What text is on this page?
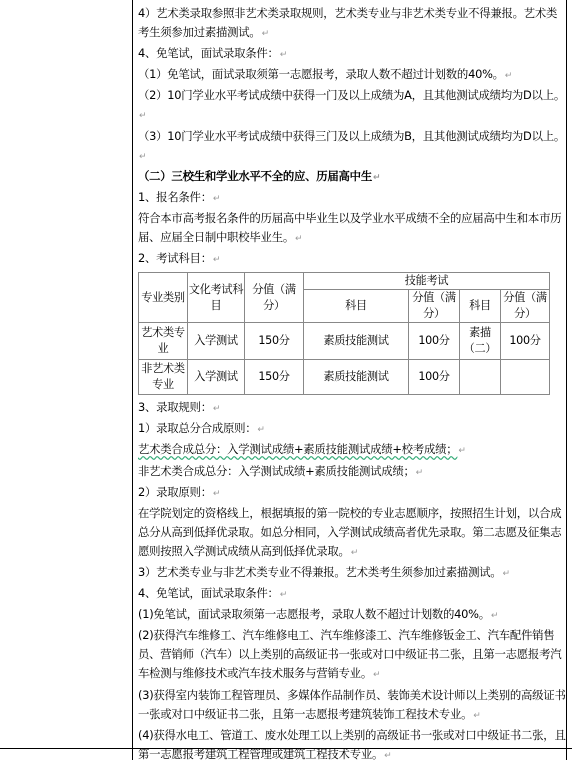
4）艺术类录取参照非艺术类录取规则，艺术类专业与非艺术类专业不得兼报。艺术类考生须参加过素描测试。↵

4、免笔试，面试录取条件：↵

（1）免笔试，面试录取须第一志愿报考，录取人数不超过计划数的40%。↵

（2）10门学业水平考试成绩中获得一门及以上成绩为A，且其他测试成绩均为D以上。↵

（3）10门学业水平考试成绩中获得三门及以上成绩为B，且其他测试成绩均为D以上。↵

（二）三校生和学业水平不全的应、历届高中生↵

1、报名条件：↵

符合本市高考报名条件的历届高中毕业生以及学业水平成绩不全的应届高中生和本市历届、应届全日制中职校毕业生。↵

2、考试科目：↵

专业类别	文化考试科目	分值（满分）	技能考试			
			科目	分值（满分）	科目	分值（满分）
艺术类专业	入学测试	150分	素质技能测试	100分	素描（二）	100分
非艺术类专业	入学测试	150分	素质技能测试	100分		

3、录取规则：↵

1）录取总分合成原则：↵

艺术类合成总分：入学测试成绩+素质技能测试成绩+校考成绩；↵

非艺术类合成总分：入学测试成绩+素质技能测试成绩；↵

2）录取原则：↵

在学院划定的资格线上，根据填报的第一院校的专业志愿顺序，按照招生计划，以合成总分从高到低择优录取。如总分相同，入学测试成绩高者优先录取。第二志愿及征集志愿则按照入学测试成绩从高到低择优录取。↵

3）艺术类专业与非艺术类专业不得兼报。艺术类考生须参加过素描测试。↵

4、免笔试，面试录取条件：↵

(1)免笔试，面试录取须第一志愿报考，录取人数不超过计划数的40%。↵

(2)获得汽车维修工、汽车维修电工、汽车维修漆工、汽车维修钣金工、汽车配件销售员、营销师（汽车）以上类别的高级证书一张或对口中级证书二张，且第一志愿报考汽车检测与维修技术或汽车技术服务与营销专业。↵

(3)获得室内装饰工程管理员、多媒体作品制作员、装饰美术设计师以上类别的高级证书一张或对口中级证书二张，且第一志愿报考建筑装饰工程技术专业。↵

(4)获得水电工、管道工、废水处理工以上类别的高级证书一张或对口中级证书二张，且第一志愿报考建筑工程管理或建筑工程技术专业。↵
